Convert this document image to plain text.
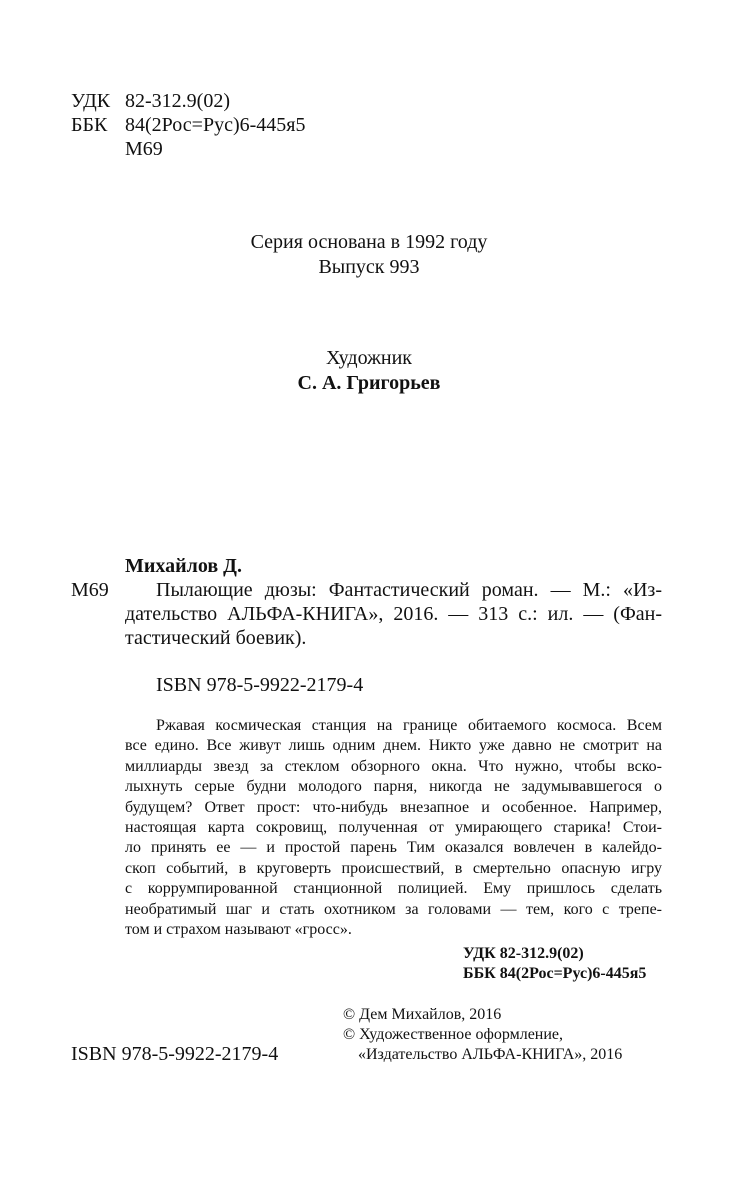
УДК 82-312.9(02)
ББК 84(2Рос=Рус)6-445я5
М69
Серия основана в 1992 году
Выпуск 993
Художник
С. А. Григорьев
Михайлов Д.
М69	Пылающие дюзы: Фантастический роман. — М.: «Из-
дательство АЛЬФА-КНИГА», 2016. — 313 с.: ил. — (Фан-
тастический боевик).
ISBN 978-5-9922-2179-4
Ржавая космическая станция на границе обитаемого космоса. Всем
все едино. Все живут лишь одним днем. Никто уже давно не смотрит на
миллиарды звезд за стеклом обзорного окна. Что нужно, чтобы вско-
лыхнуть серые будни молодого парня, никогда не задумывавшегося о
будущем? Ответ прост: что-нибудь внезапное и особенное. Например,
настоящая карта сокровищ, полученная от умирающего старика! Стои-
ло принять ее — и простой парень Тим оказался вовлечен в калейдо-
скоп событий, в круговерть происшествий, в смертельно опасную игру
с коррумпированной станционной полицией. Ему пришлось сделать
необратимый шаг и стать охотником за головами — тем, кого с трепе-
том и страхом называют «гросс».
УДК 82-312.9(02)
ББК 84(2Рос=Рус)6-445я5
© Дем Михайлов, 2016
© Художественное оформление,
«Издательство АЛЬФА-КНИГА», 2016
ISBN 978-5-9922-2179-4
